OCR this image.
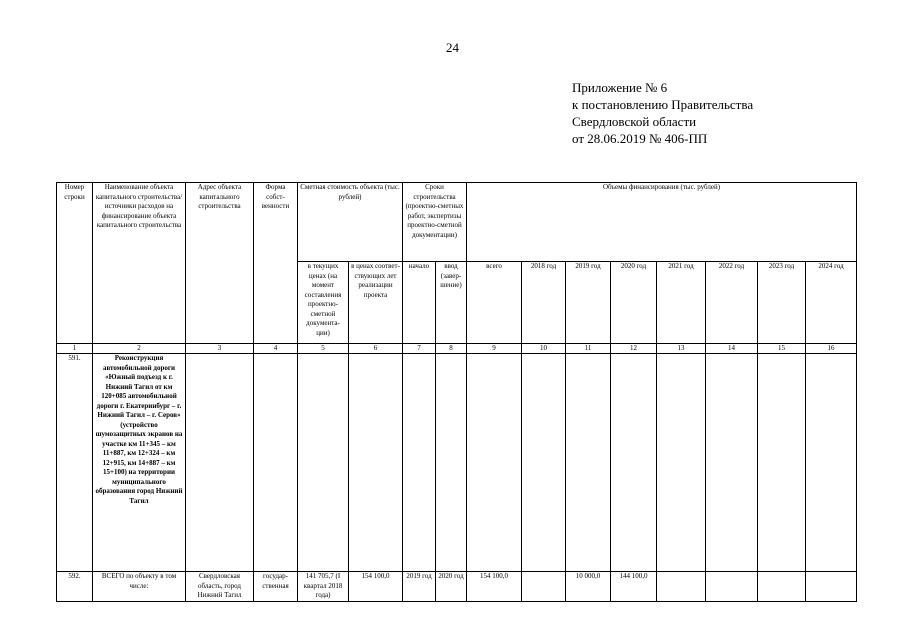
24
Приложение № 6
к постановлению Правительства
Свердловской области
от 28.06.2019 № 406-ПП
Номер строки	Наименование объекта капитального строительства/ источники расходов на финансирование объекта капитального строительства	Адрес объекта капитального строительства	Форма собст-венности	Сметная стоимость объекта (тыс. рублей)		Сроки строительства (проектно-сметных работ, экспертизы проектно-сметной документации)		Объемы финансирования (тыс. рублей)							
				в текущих ценах (на момент составления проектно-сметной документа-ции)	в ценах соответ-ствующих лет реализации проекта	начало	ввод (завер-шение)	всего	2018 год	2019 год	2020 год	2021 год	2022 год	2023 год	2024 год
1	2	3	4	5	6	7	8	9	10	11	12	13	14	15	16
591.	Реконструкция автомобильной дороги «Южный подъезд к г. Нижний Тагил от км 120+085 автомобильной дороги г. Екатеринбург – г. Нижний Тагил – г. Серов» (устройство шумозащитных экранов на участке км 11+345 – км 11+887, км 12+324 – км 12+915, км 14+887 – км 15+100) на территории муниципального образования город Нижний Тагил														
592.	ВСЕГО по объекту в том числе:	Свердловская область, город Нижний Тагил	государ-ственная	141 705,7 (I квартал 2018 года)	154 100,0	2019 год	2020 год	154 100,0		10 000,0	144 100,0				
